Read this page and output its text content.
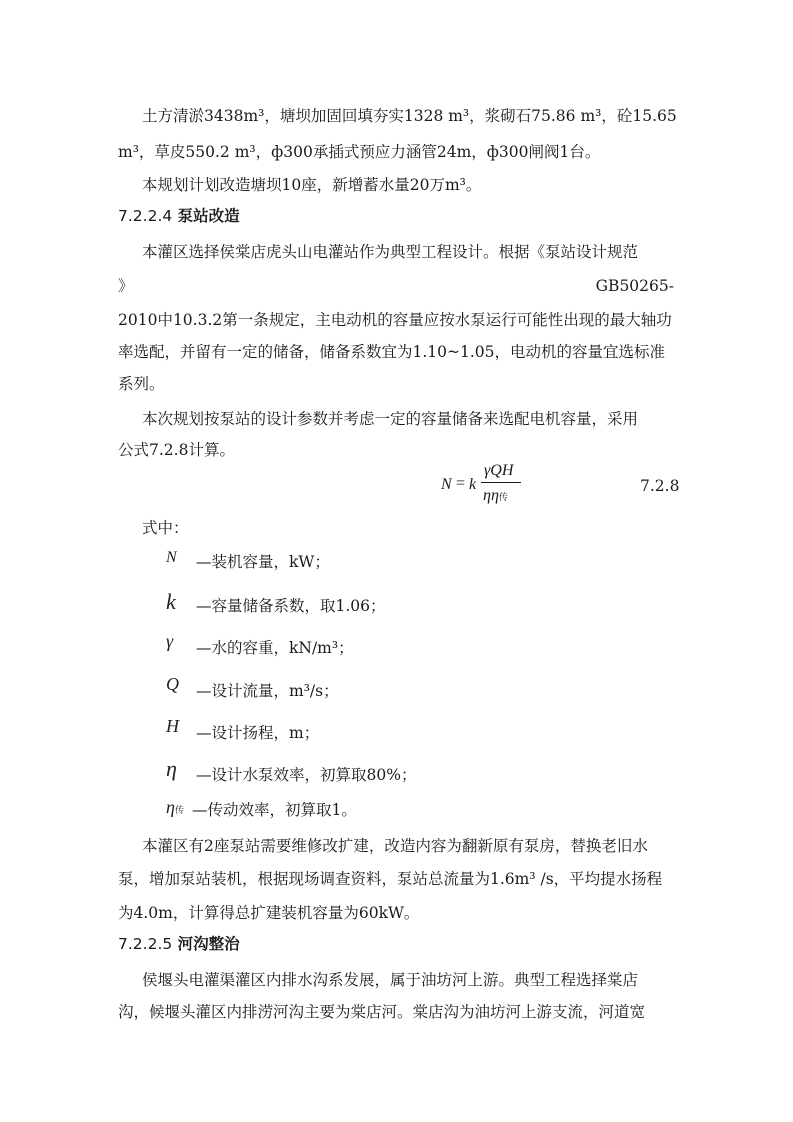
土方清淤3438m³，塘坝加固回填夯实1328 m³，浆砌石75.86 m³，砼15.65
m³，草皮550.2 m³，ф300承插式预应力涵管24m，ф300闸阀1台。
本规划计划改造塘坝10座，新增蓄水量20万m³。
7.2.2.4 泵站改造
本灌区选择侯棠店虎头山电灌站作为典型工程设计。根据《泵站设计规范
》	GB50265-
2010中10.3.2第一条规定，主电动机的容量应按水泵运行可能性出现的最大轴功
率选配，并留有一定的储备，储备系数宜为1.10~1.05，电动机的容量宜选标准
系列。
本次规划按泵站的设计参数并考虑一定的容量储备来选配电机容量，采用
公式7.2.8计算。
N = k
γQH
ηη传
7.2.8
式中：
N —装机容量，kW；
k —容量储备系数，取1.06；
γ —水的容重，kN/m³；
Q —设计流量，m³/s；
H —设计扬程，m；
η —设计水泵效率，初算取80%；
η传 —传动效率，初算取1。
本灌区有2座泵站需要维修改扩建，改造内容为翻新原有泵房，替换老旧水
泵，增加泵站装机，根据现场调查资料，泵站总流量为1.6m³ /s，平均提水扬程
为4.0m，计算得总扩建装机容量为60kW。
7.2.2.5 河沟整治
侯堰头电灌渠灌区内排水沟系发展，属于油坊河上游。典型工程选择棠店
沟，候堰头灌区内排涝河沟主要为棠店河。棠店沟为油坊河上游支流，河道宽
